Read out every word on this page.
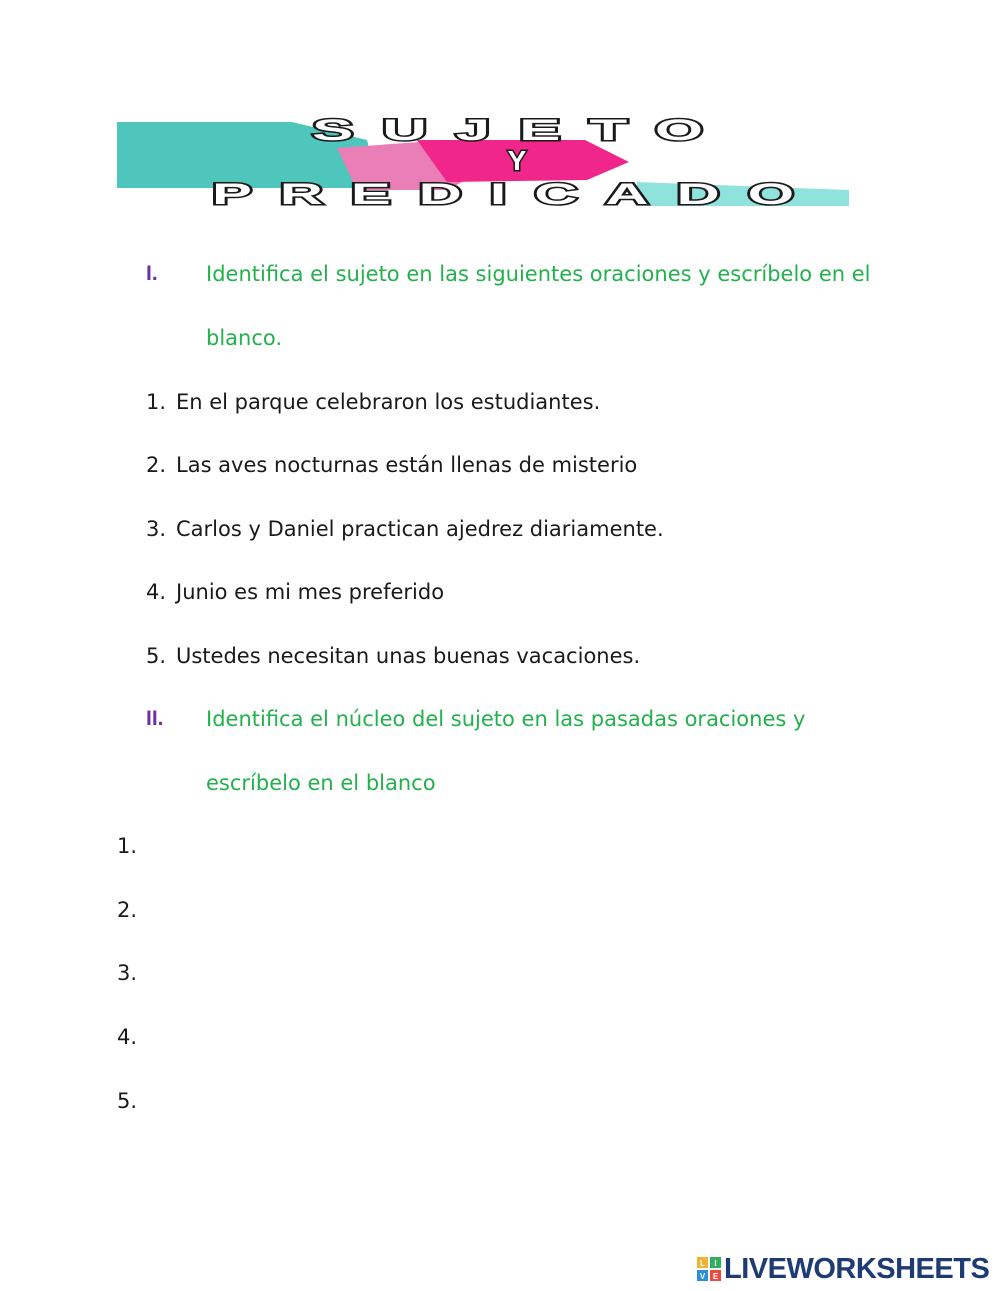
SUJETO
Y
PREDICADO
I. Identifica el sujeto en las siguientes oraciones y escríbelo en el
blanco.
1. En el parque celebraron los estudiantes.
2. Las aves nocturnas están llenas de misterio
3. Carlos y Daniel practican ajedrez diariamente.
4. Junio es mi mes preferido
5. Ustedes necesitan unas buenas vacaciones.
II. Identifica el núcleo del sujeto en las pasadas oraciones y
escríbelo en el blanco
1.
2.
3.
4.
5.
L I
V E LIVEWORKSHEETS
